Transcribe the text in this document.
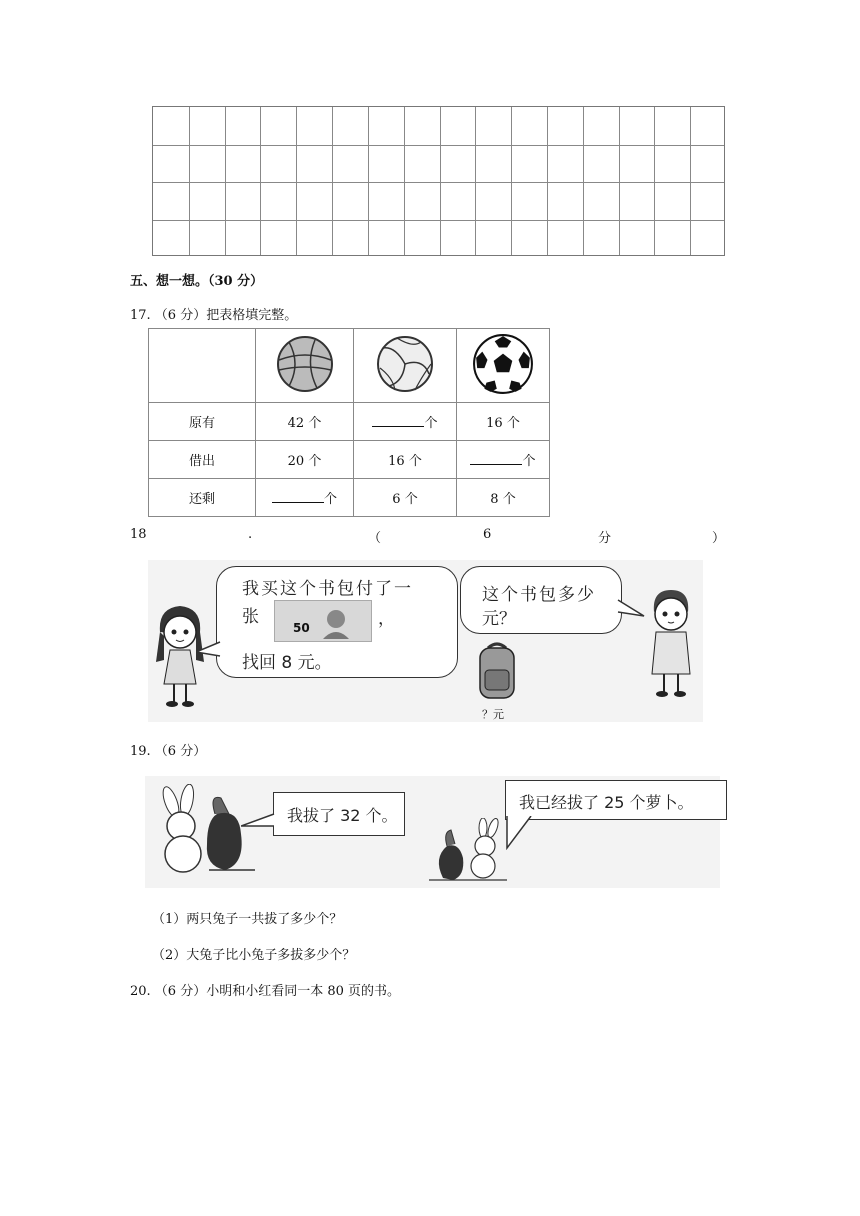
五、想一想。（30 分）
17. （6 分）把表格填完整。

原有	42 个	个	16 个
借出	20 个	16 个	个
还剩	个	6 个	8 个
18	.	（	6	分	）
我买这个书包付了一
张
50	，
找回 8 元。
这个书包多少
元？
？元
19. （6 分）
我拔了 32 个。
我已经拔了 25 个萝卜。
（1）两只兔子一共拔了多少个？
（2）大兔子比小兔子多拔多少个？
20. （6 分）小明和小红看同一本 80 页的书。
